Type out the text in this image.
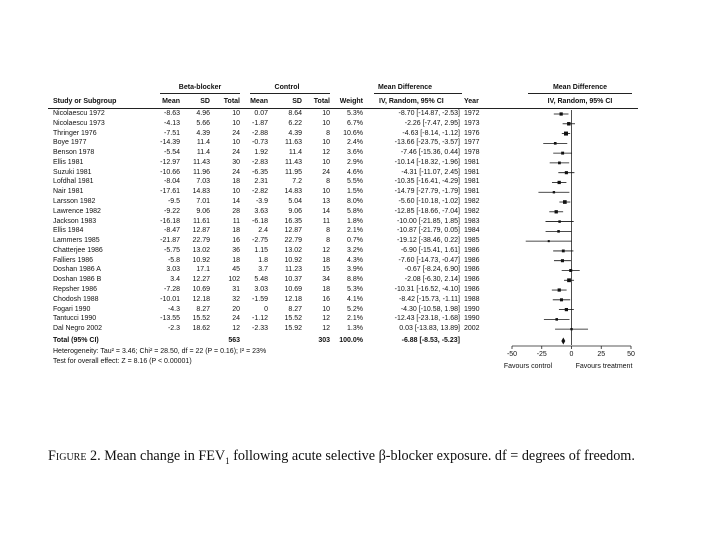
Beta-blocker	Control	Mean Difference	Mean Difference
Study or Subgroup	Mean	SD	Total	Mean	SD	Total	Weight IV, Random, 95% CI	Year	IV, Random, 95% CI
Nicolaescu 1972	-8.63	4.96	10	0.07	8.64	10	5.3%	-8.70 [-14.87, -2.53] 1972
Nicolaescu 1973	-4.13	5.66	10	-1.87	6.22	10	6.7%	-2.26 [-7.47, 2.95] 1973
Thringer 1976	-7.51	4.39	24	-2.88	4.39	8	10.6%	-4.63 [-8.14, -1.12] 1976
Boye 1977	-14.39	11.4	10	-0.73	11.63	10	2.4%	-13.66 [-23.75, -3.57] 1977
Benson 1978	-5.54	11.4	24	1.92	11.4	12	3.6%	-7.46 [-15.36, 0.44] 1978
Ellis 1981	-12.97	11.43	30	-2.83	11.43	10	2.9%	-10.14 [-18.32, -1.96] 1981
Suzuki 1981	-10.66	11.96	24	-6.35	11.95	24	4.6%	-4.31 [-11.07, 2.45] 1981
Lofdhal 1981	-8.04	7.03	18	2.31	7.2	8	5.5%	-10.35 [-16.41, -4.29] 1981
Nair 1981	-17.61	14.83	10	-2.82	14.83	10	1.5%	-14.79 [-27.79, -1.79] 1981
Larsson 1982	-9.5	7.01	14	-3.9	5.04	13	8.0%	-5.60 [-10.18, -1.02] 1982
Lawrence 1982	-9.22	9.06	28	3.63	9.06	14	5.8%	-12.85 [-18.66, -7.04] 1982
Jackson 1983	-16.18	11.61	11	-6.18	16.35	11	1.8%	-10.00 [-21.85, 1.85] 1983
Ellis 1984	-8.47	12.87	18	2.4	12.87	8	2.1%	-10.87 [-21.79, 0.05] 1984
Lammers 1985	-21.87	22.79	16	-2.75	22.79	8	0.7%	-19.12 [-38.46, 0.22] 1985
Chatterjee 1986	-5.75	13.02	36	1.15	13.02	12	3.2%	-6.90 [-15.41, 1.61] 1986
Falliers 1986	-5.8	10.92	18	1.8	10.92	18	4.3%	-7.60 [-14.73, -0.47] 1986
Doshan 1986 A	3.03	17.1	45	3.7	11.23	15	3.9%	-0.67 [-8.24, 6.90] 1986
Doshan 1986 B	3.4	12.27	102	5.48	10.37	34	8.8%	-2.08 [-6.30, 2.14] 1986
Repsher 1986	-7.28	10.69	31	3.03	10.69	18	5.3%	-10.31 [-16.52, -4.10] 1986
Chodosh 1988	-10.01	12.18	32	-1.59	12.18	16	4.1%	-8.42 [-15.73, -1.11] 1988
Fogari 1990	-4.3	8.27	20	0	8.27	10	5.2%	-4.30 [-10.58, 1.98] 1990
Tantucci 1990	-13.55	15.52	24	-1.12	15.52	12	2.1%	-12.43 [-23.18, -1.68] 1990
Dal Negro 2002	-2.3	18.62	12	-2.33	15.92	12	1.3%	0.03 [-13.83, 13.89] 2002
Total (95% CI)	563	303	100.0%	-6.88 [-8.53, -5.23]
Heterogeneity: Tau² = 3.46; Chi² = 28.50, df = 22 (P = 0.16); I² = 23%
Test for overall effect: Z = 8.16 (P < 0.00001)
-50	-25	0	25	50
Favours control	Favours treatment
Figure 2. Mean change in $FEV_1$ following acute selective β-blocker exposure. df = degrees of freedom.
